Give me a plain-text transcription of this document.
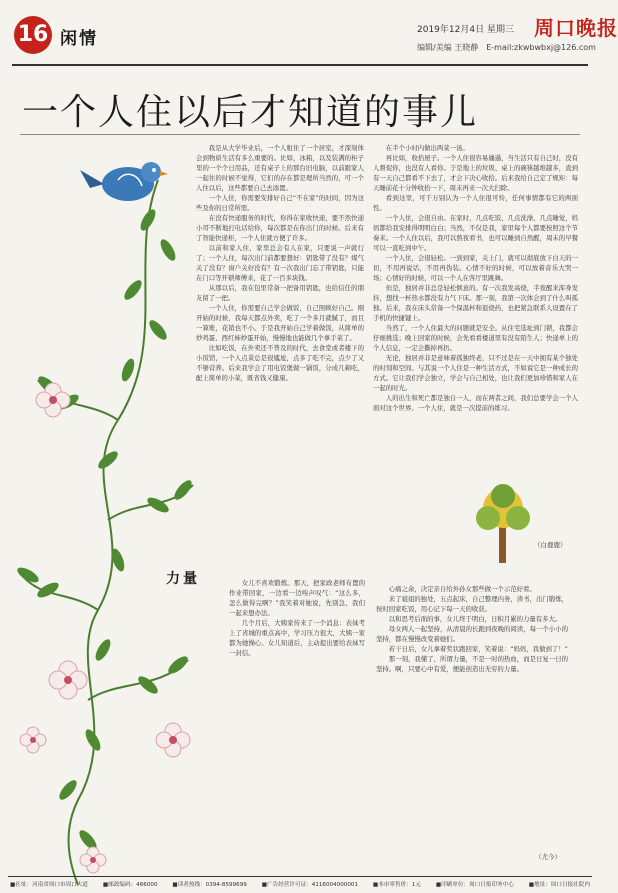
16 闲情	2019年12月4日 星期三 周口晚报
编辑/美编 王晓静　E-mail:zkwbwbxj@126.com
一个人住以后才知道的事儿

我是从大学毕业后，一个人租住了一个居室，才深刻体会到物质生活有多么重要的。比如，冰箱，以及装满的柜子里的一个个日用品，还有桌子上的那台旧电脑，以前跟家人一起住的时候不觉得，它们的存在都是理所当然的，可一个人住以后，这些都要自己去添置。

一个人住，你需要安排好自己“不在家”的时间，因为这些及你的日常所需。

在没有快递服务的时代，你得在家收快递，要不然快递小哥不断地打电话给你，每次都是在你出门的时候。后来有了智能快递柜，一个人住就方便了许多。

以前和家人住，家里总会有人在家，只要说一声就行了；一个人住，每次出门前都要想好：钥匙带了没有？煤气关了没有？窗户关好没有？有一次我出门忘了带钥匙，只能在门口等开锁师傅来，花了一百多块钱。

从那以后，我在包里常备一把备用钥匙，也给信任的朋友留了一把。

一个人住，你需要自己学会做饭，自己照顾好自己。刚开始的时候，我每天都点外卖，吃了一个多月就腻了，而且一算账，花销也不小。于是我开始自己学着做饭，从简单的炒鸡蛋、西红柿炒蛋开始，慢慢地也能做几个拿手菜了。

比如吃饭，在外卖还不普及的时代，去食堂或者楼下的小饭馆，一个人点菜总是很尴尬，点多了吃不完，点少了又不够营养。后来我学会了用电饭煲做一锅饭，分成几顿吃，配上简单的小菜，既省钱又健康。

在半个小时内做出两菜一汤。

再比如，收拾屋子。一个人住很容易邋遢，当生活只有自己时，没有人督促你，也没有人看你。于是地上的垃圾、桌上的碗筷越堆越多，直到有一天自己都看不下去了，才会下决心收拾。后来我给自己定了规矩：每天睡前花十分钟收拾一下，周末再来一次大扫除。

看到这里，可千万别认为一个人住很可怜，任何事情都有它的两面性。

一个人住，会很自由。在家时，几点吃饭、几点洗澡、几点睡觉，妈妈都给我安排得明明白白；当然，不仅是我，家里每个人都要按照这个节奏来。一个人住以后，我可以熬夜看书，也可以睡到自然醒，周末的早餐可以一直吃到中午。

一个人住，会很轻松。一到到家，关上门，就可以彻底放下白天的一切，不用再说话，不用再伪装。心情不好的时候，可以放着音乐大哭一场；心情好的时候，可以一个人在客厅里跳舞。

但是，独居并非总是轻松惬意的。有一次我发高烧，半夜醒来浑身发抖，想找一杯热水都没有力气下床。那一刻，我第一次体会到了什么叫孤独。后来，我在床头常备一个保温杯和退烧药，也把紧急联系人设置在了手机的快捷键上。

当然了，一个人住最大的问题就是安全。从住宅选址到门锁，我都会仔细挑选；晚上回家的时候，会先看看楼道里有没有陌生人；快递单上的个人信息，一定会撕掉再扔。

无论，独居并非是意味着孤独终老，只不过是在一天中拥有某个独处的时刻和空间。与其说一个人住是一种生活方式，不如说它是一种成长的方式。它让我们学会独立，学会与自己相处，也让我们更加珍惜和家人在一起的时光。

人的出生和死亡都是独自一人，而在两者之间，我们总要学会一个人面对这个世界。一个人住，就是一次提前的练习。

（白鹿鹿）
力量	女儿不喜欢锻炼。那天，把家政老师布置的作业带回家，一边看一边唉声叹气：“这么多，怎么做得完啊？”我笑着对她说，先别急，我们一起来想办法。

几个月后，大姨家传来了一个消息：表妹考上了省城的重点高中，学习压力很大，大姨一家都为她操心。女儿知道后，主动提出要给表妹写一封信。

心痛之余，决定亲自给外孙女那些做一个示范好看。

来了姐姐的独处，五点起床，自己整理内务，读书，出门锻炼，按时回家吃饭，用心记下每一天的收获。

以和思考后面的事，女儿终于明白，日积月累的力量有多大。

母女两人一起坚持，从清晨的长跑到夜晚的阅读，每一个小小的坚持，都在慢慢改变着她们。

若干日后，女儿拿着奖状跑回家，笑着说：“妈妈，我做到了！”

那一刻，我懂了，所谓力量，不是一时的热血，而是日复一日的坚持。啊，只要心中有爱，便能创造出无穷的力量。

（尤今）
■社址：河南省周口市周口大道	■邮政编码：466000	■读者热线：0394-8599699	■广告经营许可证：4116004000001	■本市零售价：1元	■印刷单位：周口日报印务中心	■地址：周口日报社院内
